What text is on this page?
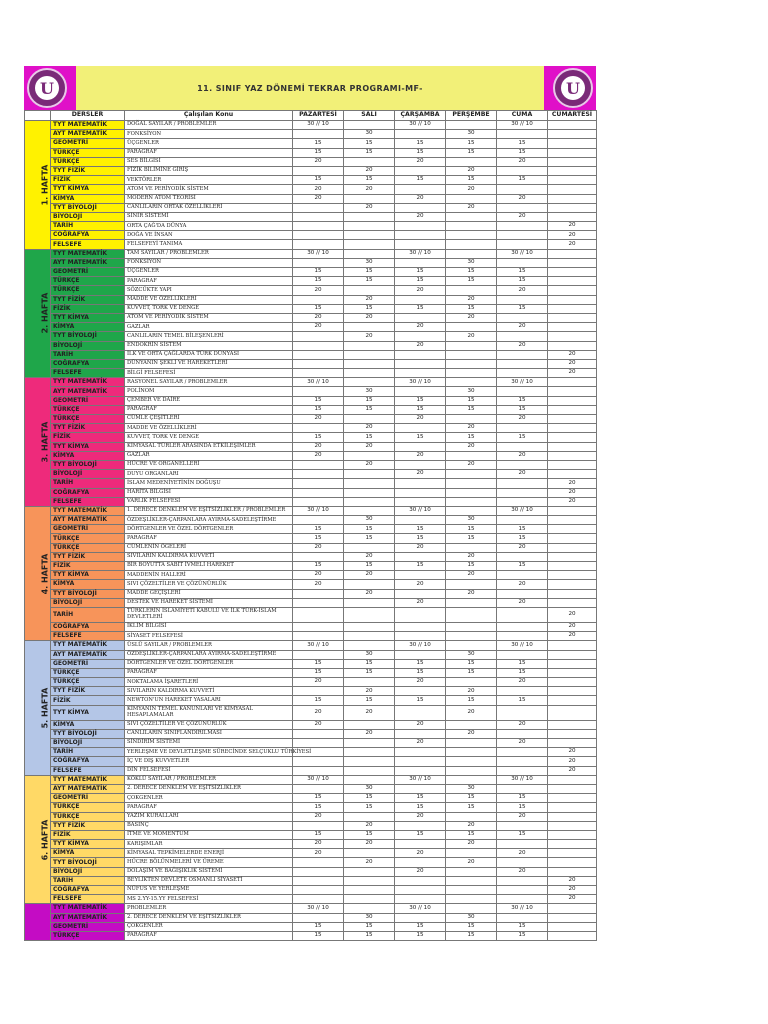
U	11. SINIF YAZ DÖNEMİ TEKRAR PROGRAMI-MF-	U
	DERSLER	Çalışılan Konu	PAZARTESİ	SALI	ÇARŞAMBA	PERŞEMBE	CUMA	CUMARTESİ
1. HAFTA	TYT MATEMATİK	DOĞAL SAYILAR / PROBLEMLER	30 // 10		30 // 10		30 // 10	
	AYT MATEMATİK	FONKSİYON		30		30		
	GEOMETRİ	ÜÇGENLER	15	15	15	15	15	
	TÜRKÇE	PARAGRAF	15	15	15	15	15	
	TÜRKÇE	SES BİLGİSİ	20		20		20	
	TYT FİZİK	FİZİK BİLİMİNE GİRİŞ		20		20		
	FİZİK	VEKTÖRLER	15	15	15	15	15	
	TYT KİMYA	ATOM VE PERİYODİK SİSTEM	20	20		20		
	KİMYA	MODERN ATOM TEORİSİ	20		20		20	
	TYT BİYOLOJİ	CANLILARIN ORTAK ÖZELLİKLERİ		20		20		
	BİYOLOJİ	SİNİR SİSTEMİ			20		20	
	TARİH	ORTA ÇAĞ'DA DÜNYA						20
	COĞRAFYA	DOĞA VE İNSAN						20
	FELSEFE	FELSEFEYİ TANIMA						20
2. HAFTA	TYT MATEMATİK	TAM SAYILAR / PROBLEMLER	30 // 10		30 // 10		30 // 10	
	AYT MATEMATİK	FONKSİYON		30		30		
	GEOMETRİ	ÜÇGENLER	15	15	15	15	15	
	TÜRKÇE	PARAGRAF	15	15	15	15	15	
	TÜRKÇE	SÖZCÜKTE YAPI	20		20		20	
	TYT FİZİK	MADDE VE ÖZELLİKLERİ		20		20		
	FİZİK	KUVVET, TORK VE DENGE	15	15	15	15	15	
	TYT KİMYA	ATOM VE PERİYODİK SİSTEM	20	20		20		
	KİMYA	GAZLAR	20		20		20	
	TYT BİYOLOJİ	CANLILARIN TEMEL BİLEŞENLERİ		20		20		
	BİYOLOJİ	ENDOKRİN SİSTEM			20		20	
	TARİH	İLK VE ORTA ÇAĞLARDA TÜRK DÜNYASI						20
	COĞRAFYA	DÜNYANIN ŞEKLİ VE HAREKETLERİ						20
	FELSEFE	BİLGİ FELSEFESİ						20
3. HAFTA	TYT MATEMATİK	RASYONEL SAYILAR / PROBLEMLER	30 // 10		30 // 10		30 // 10	
	AYT MATEMATİK	POLİNOM		30		30		
	GEOMETRİ	ÇEMBER VE DAİRE	15	15	15	15	15	
	TÜRKÇE	PARAGRAF	15	15	15	15	15	
	TÜRKÇE	CÜMLE ÇEŞİTLERİ	20		20		20	
	TYT FİZİK	MADDE VE ÖZELLİKLERİ		20		20		
	FİZİK	KUVVET, TORK VE DENGE	15	15	15	15	15	
	TYT KİMYA	KİMYASAL TÜRLER ARASINDA ETKİLEŞİMLER	20	20		20		
	KİMYA	GAZLAR	20		20		20	
	TYT BİYOLOJİ	HÜCRE VE ORGANELLERİ		20		20		
	BİYOLOJİ	DUYU ORGANLARI			20		20	
	TARİH	İSLAM MEDENİYETİNİN DOĞUŞU						20
	COĞRAFYA	HARİTA BİLGİSİ						20
	FELSEFE	VARLIK FELSEFESİ						20
4. HAFTA	TYT MATEMATİK	1. DERECE DENKLEM VE EŞİTSİZLİKLER / PROBLEMLER	30 // 10		30 // 10		30 // 10	
	AYT MATEMATİK	ÖZDEŞLİKLER-ÇARPANLARA AYIRMA-SADELEŞTİRME		30		30		
	GEOMETRİ	DÖRTGENLER VE ÖZEL DÖRTGENLER	15	15	15	15	15	
	TÜRKÇE	PARAGRAF	15	15	15	15	15	
	TÜRKÇE	CÜMLENİN ÖGELERİ	20		20		20	
	TYT FİZİK	SIVILARIN KALDIRMA KUVVETİ		20		20		
	FİZİK	BİR BOYUTTA SABİT İVMELİ HAREKET	15	15	15	15	15	
	TYT KİMYA	MADDENİN HALLERİ	20	20		20		
	KİMYA	SIVI ÇÖZELTİLER VE ÇÖZÜNÜRLÜK	20		20		20	
	TYT BİYOLOJİ	MADDE GEÇİŞLERİ		20		20		
	BİYOLOJİ	DESTEK VE HAREKET SİSTEMİ			20		20	
	TARİH	TÜRKLERİN İSLAMİYETİ KABULÜ VE İLK TÜRK-İSLAM DEVLETLERİ						20
	COĞRAFYA	İKLİM BİLGİSİ						20
	FELSEFE	SİYASET FELSEFESİ						20
5. HAFTA	TYT MATEMATİK	ÜSLÜ SAYILAR / PROBLEMLER	30 // 10		30 // 10		30 // 10	
	AYT MATEMATİK	ÖZDEŞLİKLER-ÇARPANLARA AYIRMA-SADELEŞTİRME		30		30		
	GEOMETRİ	DÖRTGENLER VE ÖZEL DÖRTGENLER	15	15	15	15	15	
	TÜRKÇE	PARAGRAF	15	15	15	15	15	
	TÜRKÇE	NOKTALAMA İŞARETLERİ	20		20		20	
	TYT FİZİK	SIVILARIN KALDIRMA KUVVETİ		20		20		
	FİZİK	NEWTON'UN HAREKET YASALARI	15	15	15	15	15	
	TYT KİMYA	KİMYANIN TEMEL KANUNLARI VE KİMYASAL HESAPLAMALAR	20	20		20		
	KİMYA	SIVI ÇÖZELTİLER VE ÇÖZÜNÜRLÜK	20		20		20	
	TYT BİYOLOJİ	CANLILARIN SINIFLANDIRILMASI		20		20		
	BİYOLOJİ	SİNDİRİM SİSTEMİ			20		20	
	TARİH	YERLEŞME VE DEVLETLEŞME SÜRECİNDE SELÇUKLU TÜRKİYESİ						20
	COĞRAFYA	İÇ VE DIŞ KUVVETLER						20
	FELSEFE	DİN FELSEFESİ						20
6. HAFTA	TYT MATEMATİK	KÖKLÜ SAYILAR / PROBLEMLER	30 // 10		30 // 10		30 // 10	
	AYT MATEMATİK	2. DERECE DENKLEM VE EŞİTSİZLİKLER		30		30		
	GEOMETRİ	ÇOKGENLER	15	15	15	15	15	
	TÜRKÇE	PARAGRAF	15	15	15	15	15	
	TÜRKÇE	YAZIM KURALLARI	20		20		20	
	TYT FİZİK	BASINÇ		20		20		
	FİZİK	İTME VE MOMENTUM	15	15	15	15	15	
	TYT KİMYA	KARIŞIMLAR	20	20		20		
	KİMYA	KİMYASAL TEPKİMELERDE ENERJİ	20		20		20	
	TYT BİYOLOJİ	HÜCRE BÖLÜNMELERİ VE ÜREME		20		20		
	BİYOLOJİ	DOLAŞIM VE BAĞIŞIKLIK SİSTEMİ			20		20	
	TARİH	BEYLİKTEN DEVLETE OSMANLI SİYASETİ						20
	COĞRAFYA	NÜFUS VE YERLEŞME						20
	FELSEFE	MS 2.YY-15.YY FELSEFESİ						20
	TYT MATEMATİK	PROBLEMLER	30 // 10		30 // 10		30 // 10	
	AYT MATEMATİK	2. DERECE DENKLEM VE EŞİTSİZLİKLER		30		30		
	GEOMETRİ	ÇOKGENLER	15	15	15	15	15	
	TÜRKÇE	PARAGRAF	15	15	15	15	15	
